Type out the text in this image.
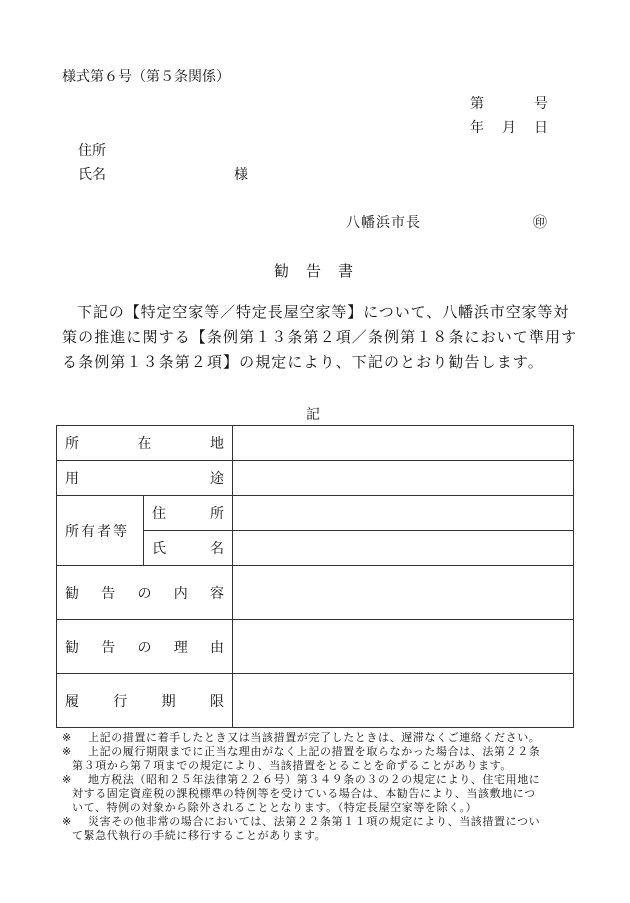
様式第６号（第５条関係）
第	号
年 月 日
住所
氏名	様
八幡浜市長	㊞
勧 告 書

下記の【特定空家等／特定長屋空家等】について、八幡浜市空家等対

策の推進に関する【条例第１３条第２項／条例第１８条において準用す

る条例第１３条第２項】の規定により、下記のとおり勧告します。

記
所 在 地		

用 途		

所有者等	住 所	

	氏 名	

勧 告 の 内 容		

勧 告 の 理 由		

履 行 期 限		

※ 上記の措置に着手したとき又は当該措置が完了したときは、遅滞なくご連絡ください。
※ 上記の履行期限までに正当な理由がなく上記の措置を取らなかった場合は、法第２２条
第３項から第７項までの規定により、当該措置をとることを命ずることがあります。
※ 地方税法（昭和２５年法律第２２６号）第３４９条の３の２の規定により、住宅用地に
対する固定資産税の課税標準の特例等を受けている場合は、本勧告により、当該敷地につ
いて、特例の対象から除外されることとなります。（特定長屋空家等を除く。）
※ 災害その他非常の場合においては、法第２２条第１１項の規定により、当該措置につい
て緊急代執行の手続に移行することがあります。
